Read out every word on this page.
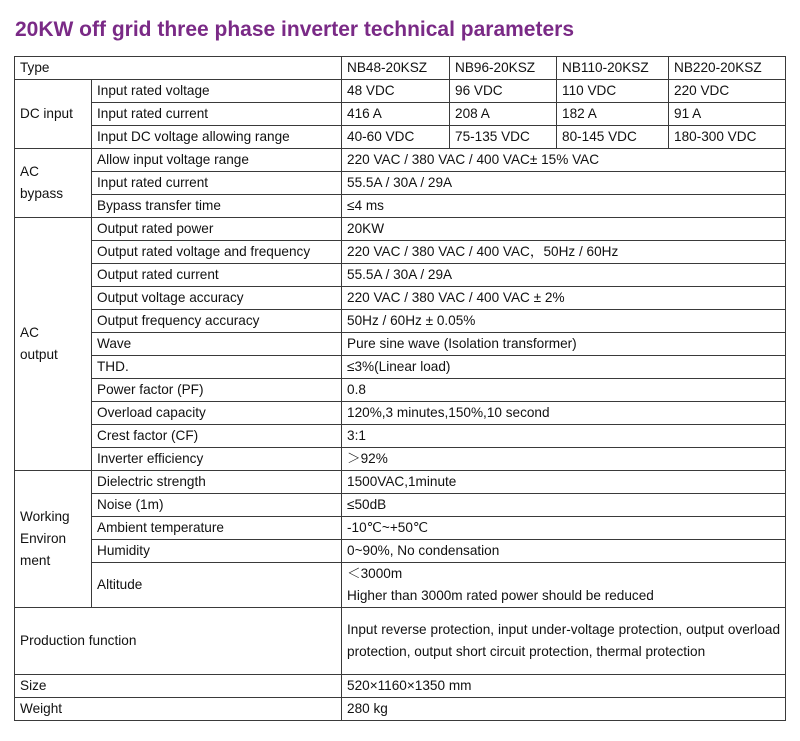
20KW off grid three phase inverter technical parameters
Type		NB48-20KSZ	NB96-20KSZ	NB110-20KSZ	NB220-20KSZ
DC input	Input rated voltage	48 VDC	96 VDC	110 VDC	220 VDC
	Input rated current	416 A	208 A	182 A	91 A
	Input DC voltage allowing range	40-60 VDC	75-135 VDC	80-145 VDC	180-300 VDC

AC
bypass	Allow input voltage range	220 VAC / 380 VAC / 400 VAC± 15% VAC			
	Input rated current	55.5A / 30A / 29A			
	Bypass transfer time	≤4 ms			

AC
output	Output rated power	20KW			
	Output rated voltage and frequency	220 VAC / 380 VAC / 400 VAC，50Hz / 60Hz			
	Output rated current	55.5A / 30A / 29A			
	Output voltage accuracy	220 VAC / 380 VAC / 400 VAC ± 2%			
	Output frequency accuracy	50Hz / 60Hz ± 0.05%			
	Wave	Pure sine wave (Isolation transformer)			
	THD.	≤3%(Linear load)			
	Power factor (PF)	0.8			
	Overload capacity	120%,3 minutes,150%,10 second			
	Crest factor (CF)	3:1			
	Inverter efficiency	＞92%			

Working
Environ
ment	Dielectric strength	1500VAC,1minute			
	Noise (1m)	≤50dB			
	Ambient temperature	-10℃~+50℃			
	Humidity	0~90%, No condensation			
	Altitude	＜3000m
Higher than 3000m rated power should be reduced			

Production function		Input reverse protection, input under-voltage protection, output overload protection, output short circuit protection, thermal protection			
Size		520×1160×1350 mm			
Weight		280 kg			
